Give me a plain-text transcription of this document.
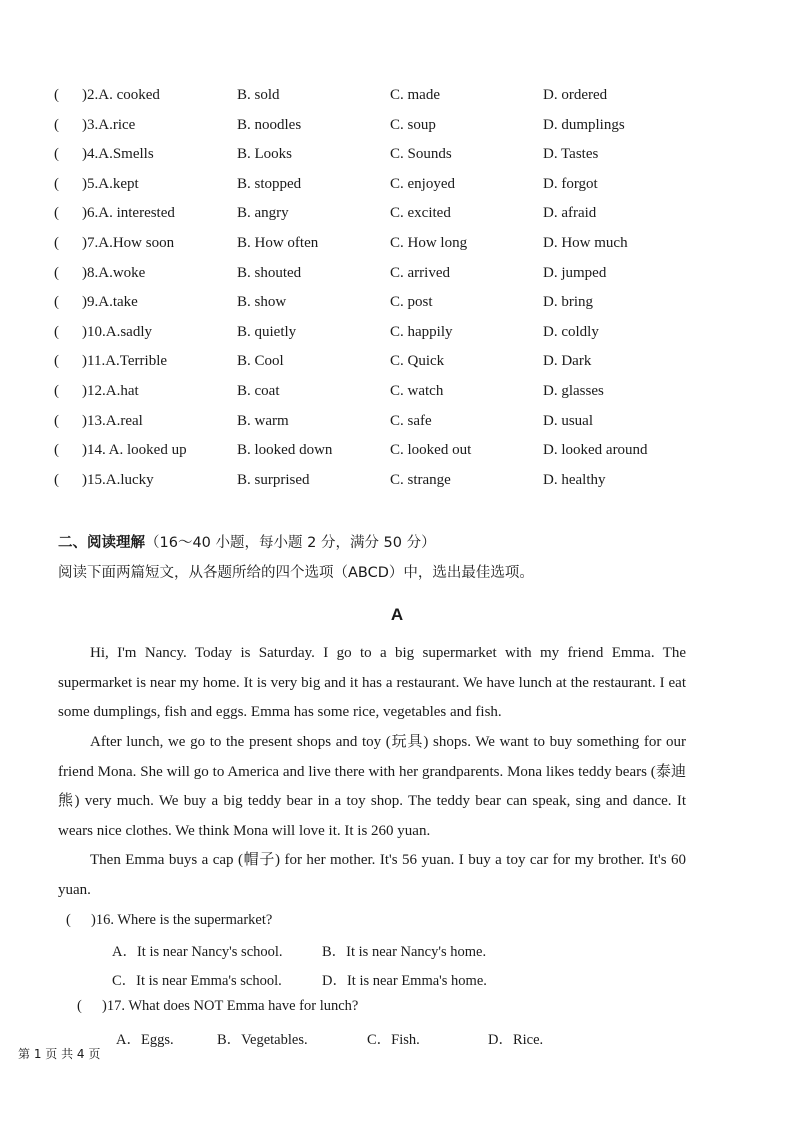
( )2.A. cooked	B. sold	C. made	D. ordered
( )3.A.rice	B. noodles	C. soup	D. dumplings
( )4.A.Smells	B. Looks	C. Sounds	D. Tastes
( )5.A.kept	B. stopped	C. enjoyed	D. forgot
( )6.A. interested	B. angry	C. excited	D. afraid
( )7.A.How soon	B. How often	C. How long	D. How much
( )8.A.woke	B. shouted	C. arrived	D. jumped
( )9.A.take	B. show	C. post	D. bring
( )10.A.sadly	B. quietly	C. happily	D. coldly
( )11.A.Terrible	B. Cool	C. Quick	D. Dark
( )12.A.hat	B. coat	C. watch	D. glasses
( )13.A.real	B. warm	C. safe	D. usual
( )14. A. looked up	B. looked down	C. looked out	D. looked around
( )15.A.lucky	B. surprised	C. strange	D. healthy
二、阅读理解（16～40 小题，每小题 2 分，满分 50 分）
阅读下面两篇短文，从各题所给的四个选项（ABCD）中，选出最佳选项。
A

Hi, I'm Nancy. Today is Saturday. I go to a big supermarket with my friend Emma. The supermarket is near my home. It is very big and it has a restaurant. We have lunch at the restaurant. I eat some dumplings, fish and eggs. Emma has some rice, vegetables and fish.

After lunch, we go to the present shops and toy (玩具) shops. We want to buy something for our friend Mona. She will go to America and live there with her grandparents. Mona likes teddy bears (泰迪熊) very much. We buy a big teddy bear in a toy shop. The teddy bear can speak, sing and dance. It wears nice clothes. We think Mona will love it. It is 260 yuan.

Then Emma buys a cap (帽子) for her mother. It's 56 yuan. I buy a toy car for my brother. It's 60 yuan.

( )16. Where is the supermarket?
A．It is near Nancy's school.	B．It is near Nancy's home.
C．It is near Emma's school.	D．It is near Emma's home.
( )17. What does NOT Emma have for lunch?
A．Eggs.	B．Vegetables.	C．Fish.	D．Rice.
第 1 页 共 4 页
